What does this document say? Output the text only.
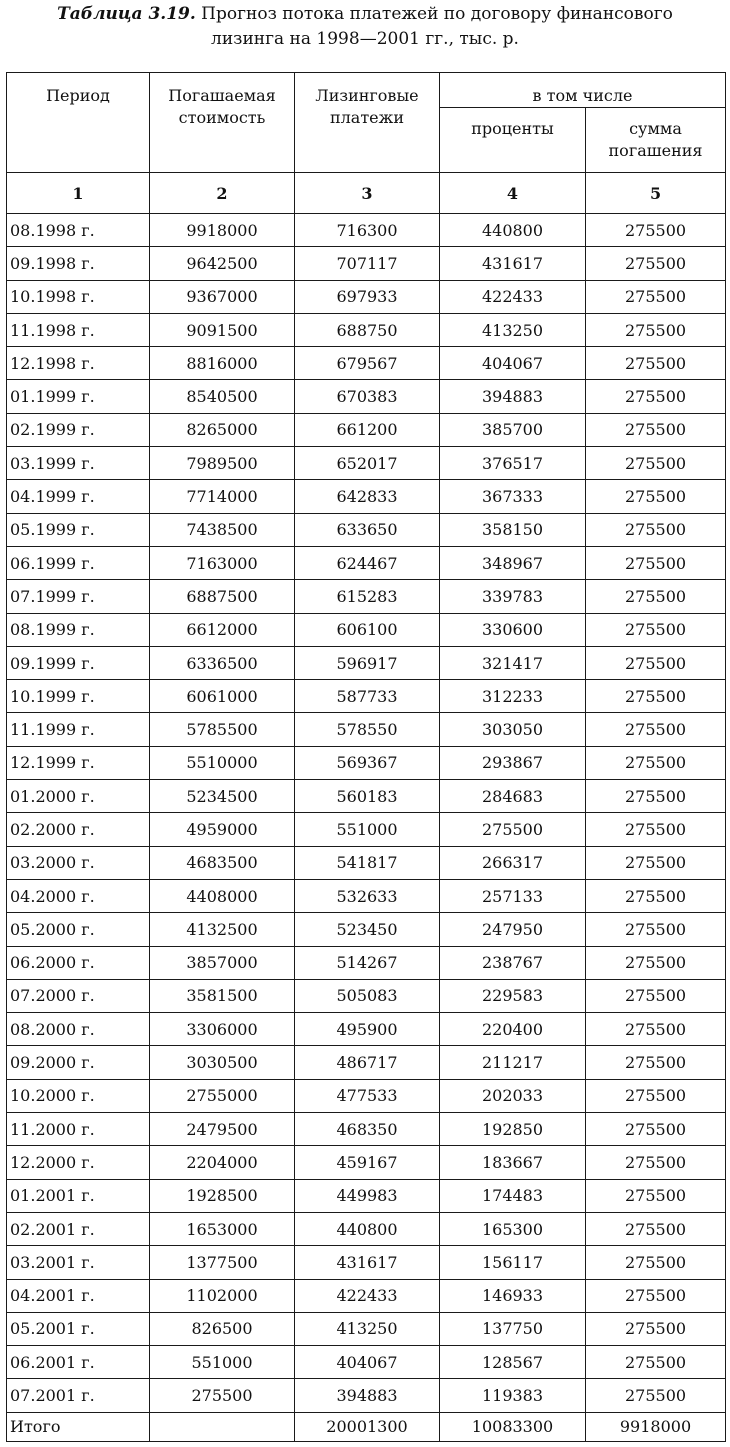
Таблица 3.19. Прогноз потока платежей по договору финансового
лизинга на 1998—2001 гг., тыс. р.
Период	Погашаемая стоимость	Лизинговые платежи	в том числе	
			проценты	сумма погашения
1	2	3	4	5
08.1998 г.	9918000	716300	440800	275500
09.1998 г.	9642500	707117	431617	275500
10.1998 г.	9367000	697933	422433	275500
11.1998 г.	9091500	688750	413250	275500
12.1998 г.	8816000	679567	404067	275500
01.1999 г.	8540500	670383	394883	275500
02.1999 г.	8265000	661200	385700	275500
03.1999 г.	7989500	652017	376517	275500
04.1999 г.	7714000	642833	367333	275500
05.1999 г.	7438500	633650	358150	275500
06.1999 г.	7163000	624467	348967	275500
07.1999 г.	6887500	615283	339783	275500
08.1999 г.	6612000	606100	330600	275500
09.1999 г.	6336500	596917	321417	275500
10.1999 г.	6061000	587733	312233	275500
11.1999 г.	5785500	578550	303050	275500
12.1999 г.	5510000	569367	293867	275500
01.2000 г.	5234500	560183	284683	275500
02.2000 г.	4959000	551000	275500	275500
03.2000 г.	4683500	541817	266317	275500
04.2000 г.	4408000	532633	257133	275500
05.2000 г.	4132500	523450	247950	275500
06.2000 г.	3857000	514267	238767	275500
07.2000 г.	3581500	505083	229583	275500
08.2000 г.	3306000	495900	220400	275500
09.2000 г.	3030500	486717	211217	275500
10.2000 г.	2755000	477533	202033	275500
11.2000 г.	2479500	468350	192850	275500
12.2000 г.	2204000	459167	183667	275500
01.2001 г.	1928500	449983	174483	275500
02.2001 г.	1653000	440800	165300	275500
03.2001 г.	1377500	431617	156117	275500
04.2001 г.	1102000	422433	146933	275500
05.2001 г.	826500	413250	137750	275500
06.2001 г.	551000	404067	128567	275500
07.2001 г.	275500	394883	119383	275500
Итого		20001300	10083300	9918000
